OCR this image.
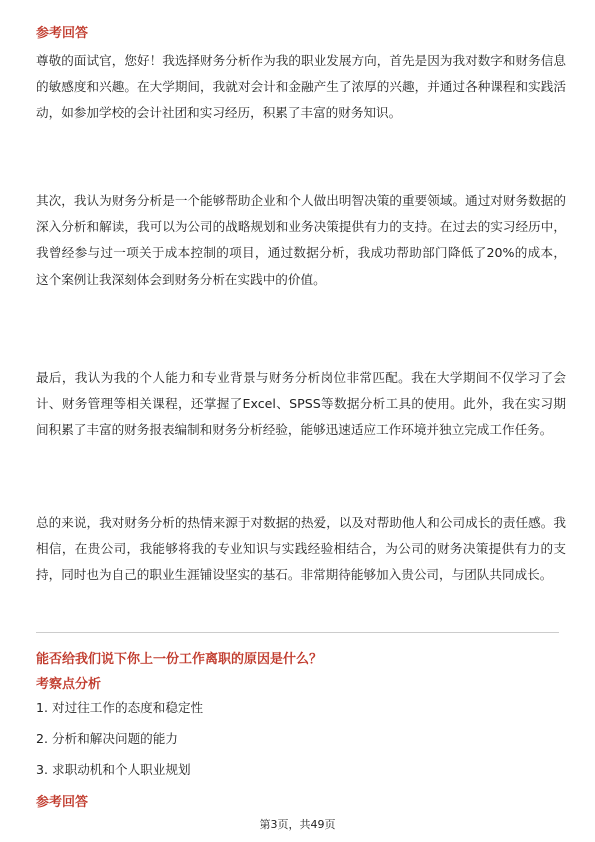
参考回答
尊敬的面试官，您好！我选择财务分析作为我的职业发展方向，首先是因为我对数字和财务信息的敏感度和兴趣。在大学期间，我就对会计和金融产生了浓厚的兴趣，并通过各种课程和实践活动，如参加学校的会计社团和实习经历，积累了丰富的财务知识。
其次，我认为财务分析是一个能够帮助企业和个人做出明智决策的重要领域。通过对财务数据的深入分析和解读，我可以为公司的战略规划和业务决策提供有力的支持。在过去的实习经历中，我曾经参与过一项关于成本控制的项目，通过数据分析，我成功帮助部门降低了20%的成本，这个案例让我深刻体会到财务分析在实践中的价值。
最后，我认为我的个人能力和专业背景与财务分析岗位非常匹配。我在大学期间不仅学习了会计、财务管理等相关课程，还掌握了Excel、SPSS等数据分析工具的使用。此外，我在实习期间积累了丰富的财务报表编制和财务分析经验，能够迅速适应工作环境并独立完成工作任务。
总的来说，我对财务分析的热情来源于对数据的热爱，以及对帮助他人和公司成长的责任感。我相信，在贵公司，我能够将我的专业知识与实践经验相结合，为公司的财务决策提供有力的支持，同时也为自己的职业生涯铺设坚实的基石。非常期待能够加入贵公司，与团队共同成长。
能否给我们说下你上一份工作离职的原因是什么？
考察点分析
1. 对过往工作的态度和稳定性
2. 分析和解决问题的能力
3. 求职动机和个人职业规划
参考回答
第3页，共49页
